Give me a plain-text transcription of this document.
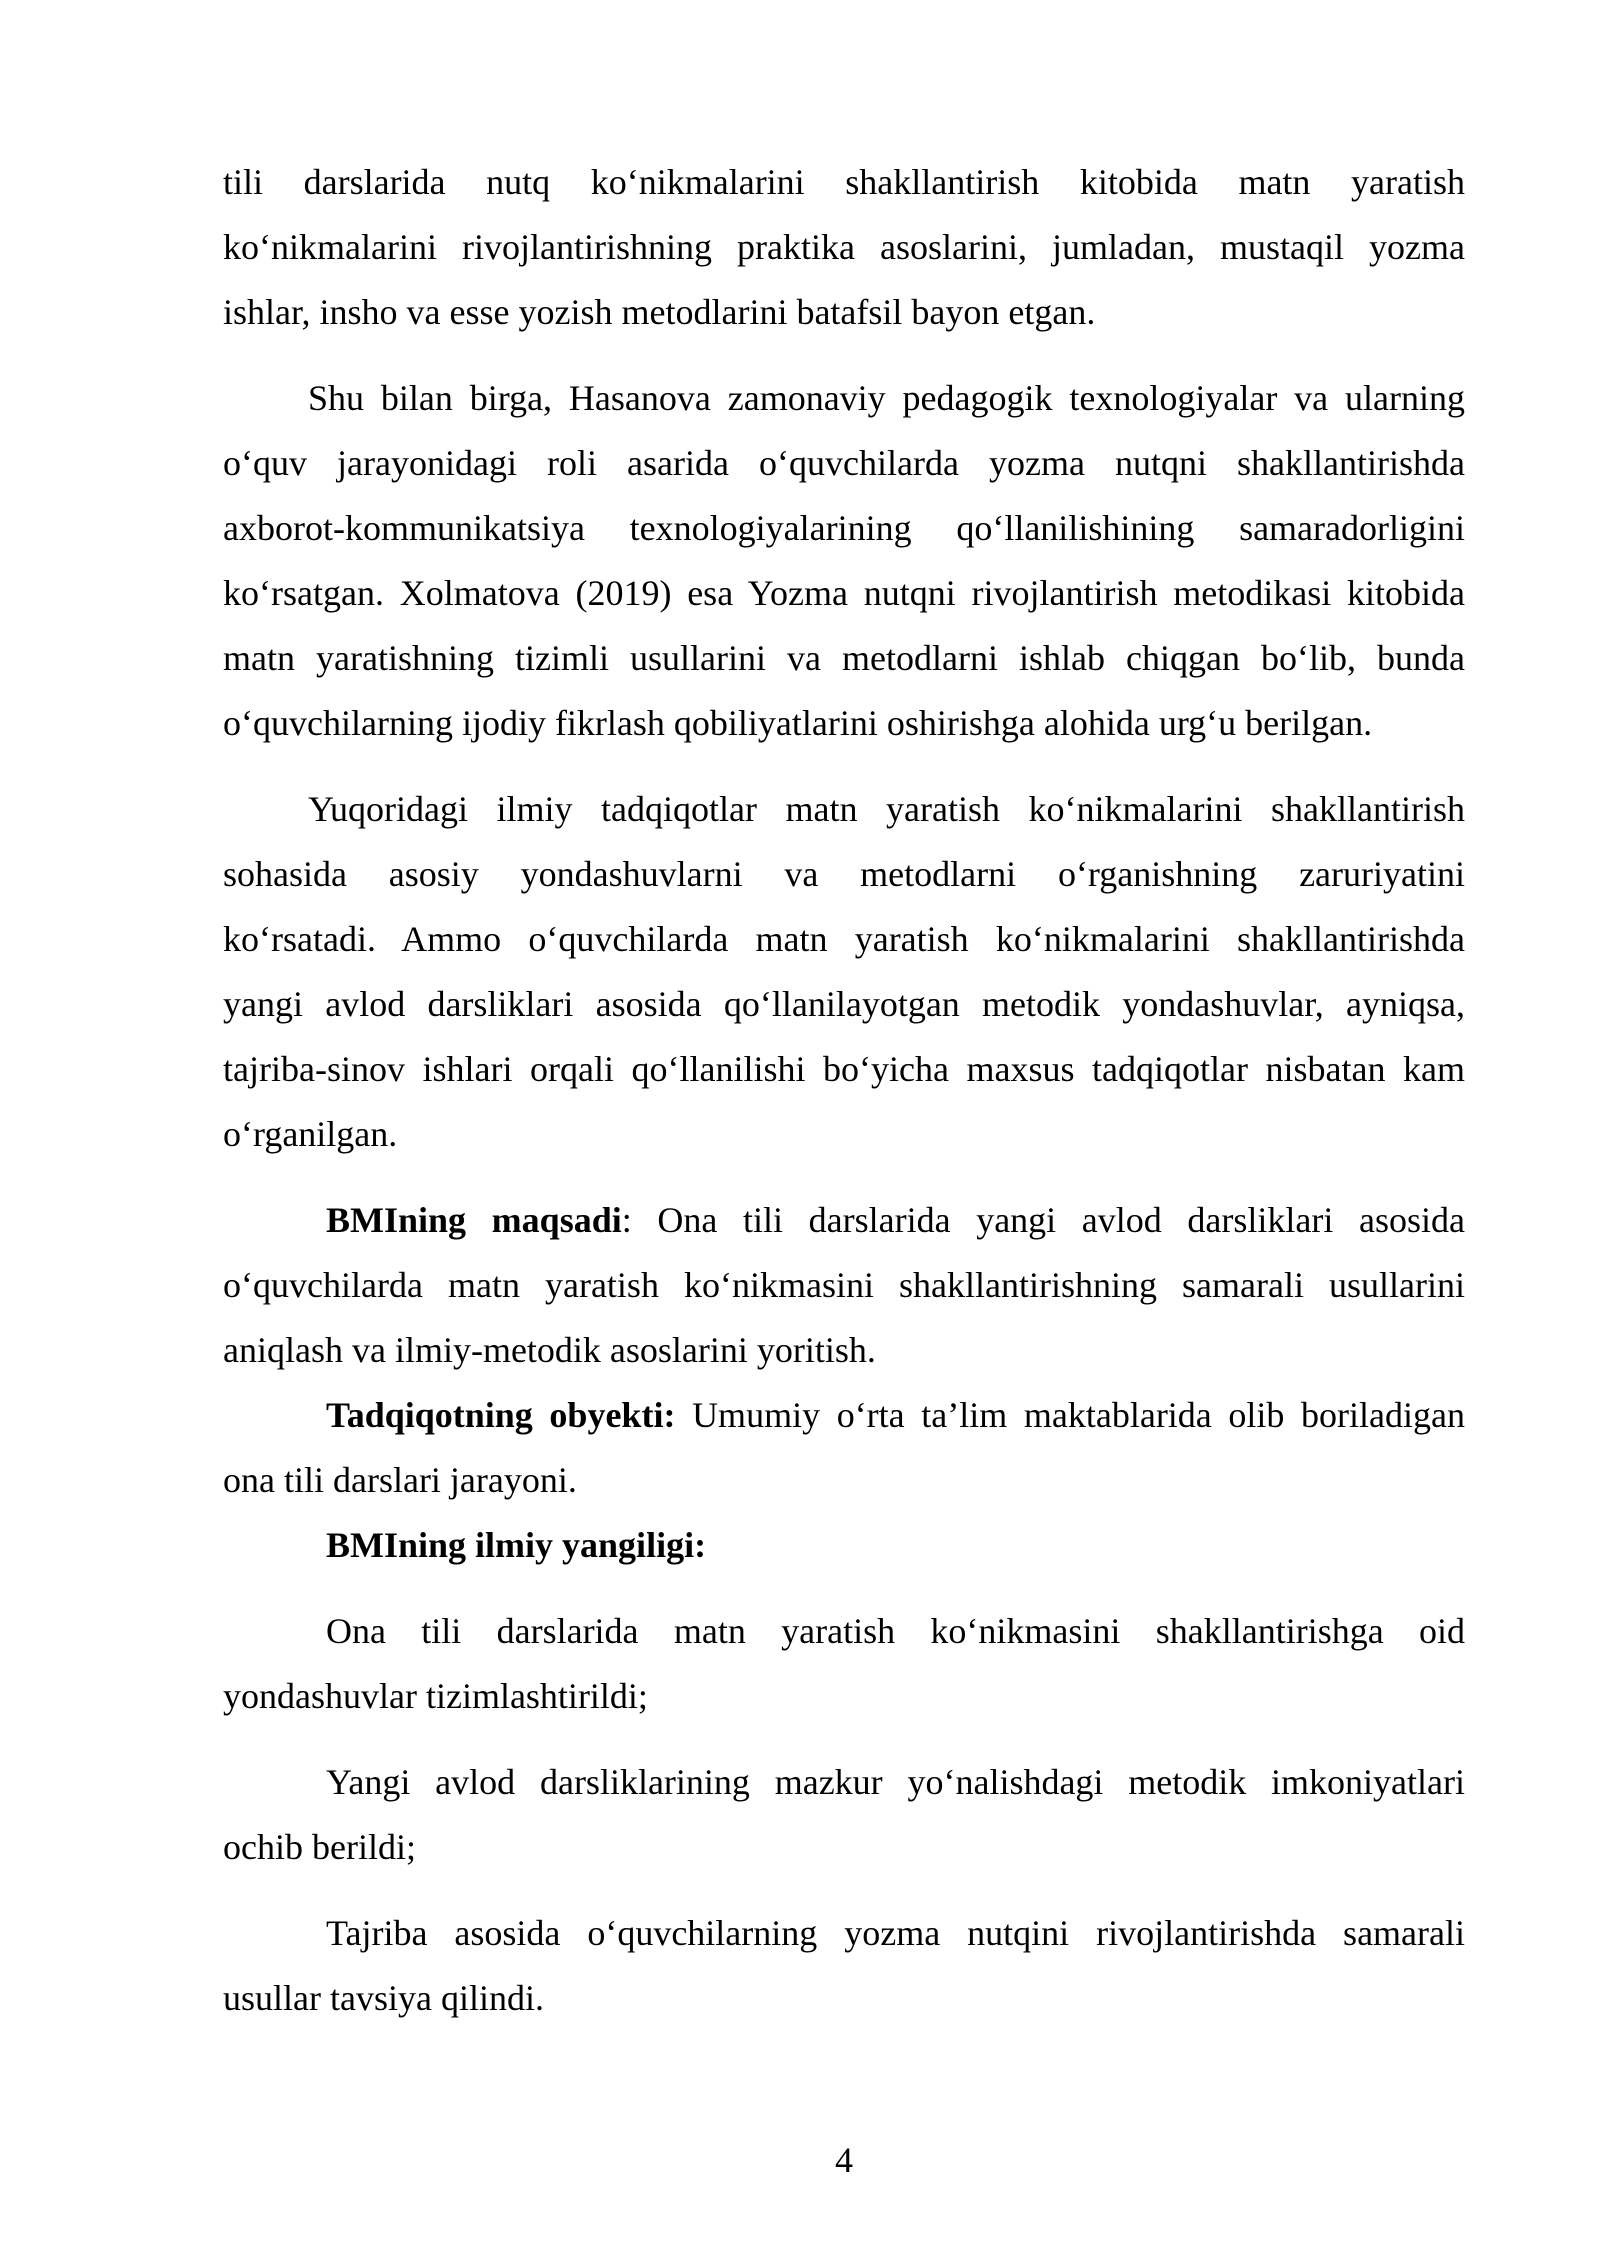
tili darslarida nutq ko‘nikmalarini shakllantirish kitobida matn yaratish
ko‘nikmalarini rivojlantirishning praktika asoslarini, jumladan, mustaqil yozma
ishlar, insho va esse yozish metodlarini batafsil bayon etgan.

Shu bilan birga, Hasanova zamonaviy pedagogik texnologiyalar va ularning
o‘quv jarayonidagi roli asarida o‘quvchilarda yozma nutqni shakllantirishda
axborot-kommunikatsiya texnologiyalarining qo‘llanilishining samaradorligini
ko‘rsatgan. Xolmatova (2019) esa Yozma nutqni rivojlantirish metodikasi kitobida
matn yaratishning tizimli usullarini va metodlarni ishlab chiqgan bo‘lib, bunda
o‘quvchilarning ijodiy fikrlash qobiliyatlarini oshirishga alohida urg‘u berilgan.

Yuqoridagi ilmiy tadqiqotlar matn yaratish ko‘nikmalarini shakllantirish
sohasida asosiy yondashuvlarni va metodlarni o‘rganishning zaruriyatini
ko‘rsatadi. Ammo o‘quvchilarda matn yaratish ko‘nikmalarini shakllantirishda
yangi avlod darsliklari asosida qo‘llanilayotgan metodik yondashuvlar, ayniqsa,
tajriba-sinov ishlari orqali qo‘llanilishi bo‘yicha maxsus tadqiqotlar nisbatan kam
o‘rganilgan.

BMIning maqsadi: Ona tili darslarida yangi avlod darsliklari asosida
o‘quvchilarda matn yaratish ko‘nikmasini shakllantirishning samarali usullarini
aniqlash va ilmiy-metodik asoslarini yoritish.

Tadqiqotning obyekti: Umumiy o‘rta ta’lim maktablarida olib boriladigan
ona tili darslari jarayoni.

BMIning ilmiy yangiligi:

Ona tili darslarida matn yaratish ko‘nikmasini shakllantirishga oid
yondashuvlar tizimlashtirildi;

Yangi avlod darsliklarining mazkur yo‘nalishdagi metodik imkoniyatlari
ochib berildi;

Tajriba asosida o‘quvchilarning yozma nutqini rivojlantirishda samarali
usullar tavsiya qilindi.

4
